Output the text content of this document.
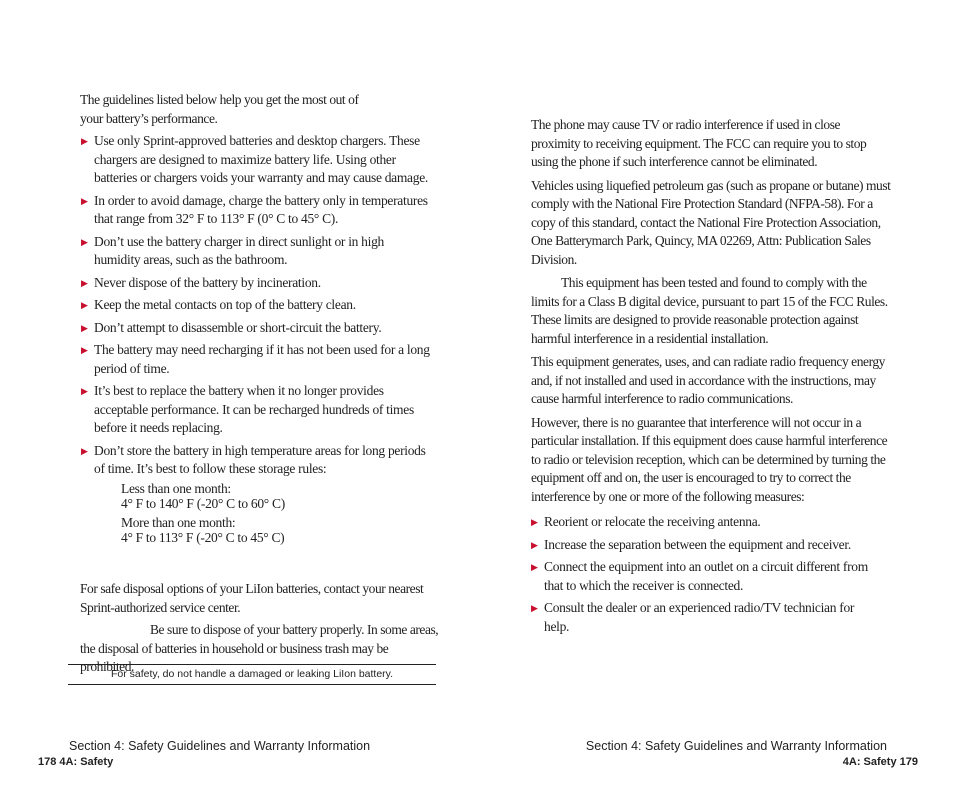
The guidelines listed below help you get the most out of your battery’s performance.

▶ Use only Sprint-approved batteries and desktop chargers. These chargers are designed to maximize battery life. Using other batteries or chargers voids your warranty and may cause damage.
▶ In order to avoid damage, charge the battery only in temperatures that range from 32° F to 113° F (0° C to 45° C).
▶ Don’t use the battery charger in direct sunlight or in high humidity areas, such as the bathroom.
▶ Never dispose of the battery by incineration.
▶ Keep the metal contacts on top of the battery clean.
▶ Don’t attempt to disassemble or short-circuit the battery.
▶ The battery may need recharging if it has not been used for a long period of time.
▶ It’s best to replace the battery when it no longer provides acceptable performance. It can be recharged hundreds of times before it needs replacing.
▶ Don’t store the battery in high temperature areas for long periods of time. It’s best to follow these storage rules:
Less than one month:
4° F to 140° F (-20° C to 60° C)
More than one month:
4° F to 113° F (-20° C to 45° C)

For safe disposal options of your LiIon batteries, contact your nearest Sprint-authorized service center.

Be sure to dispose of your battery properly. In some areas, the disposal of batteries in household or business trash may be prohibited.

For safety, do not handle a damaged or leaking LiIon battery.
Section 4: Safety Guidelines and Warranty Information
178 4A: Safety

The phone may cause TV or radio interference if used in close proximity to receiving equipment. The FCC can require you to stop using the phone if such interference cannot be eliminated.

Vehicles using liquefied petroleum gas (such as propane or butane) must comply with the National Fire Protection Standard (NFPA-58). For a copy of this standard, contact the National Fire Protection Association, One Batterymarch Park, Quincy, MA 02269, Attn: Publication Sales Division.

This equipment has been tested and found to comply with the limits for a Class B digital device, pursuant to part 15 of the FCC Rules. These limits are designed to provide reasonable protection against harmful interference in a residential installation.

This equipment generates, uses, and can radiate radio frequency energy and, if not installed and used in accordance with the instructions, may cause harmful interference to radio communications.

However, there is no guarantee that interference will not occur in a particular installation. If this equipment does cause harmful interference to radio or television reception, which can be determined by turning the equipment off and on, the user is encouraged to try to correct the interference by one or more of the following measures:

▶ Reorient or relocate the receiving antenna.
▶ Increase the separation between the equipment and receiver.
▶ Connect the equipment into an outlet on a circuit different from that to which the receiver is connected.
▶ Consult the dealer or an experienced radio/TV technician for help.
Section 4: Safety Guidelines and Warranty Information
4A: Safety 179
